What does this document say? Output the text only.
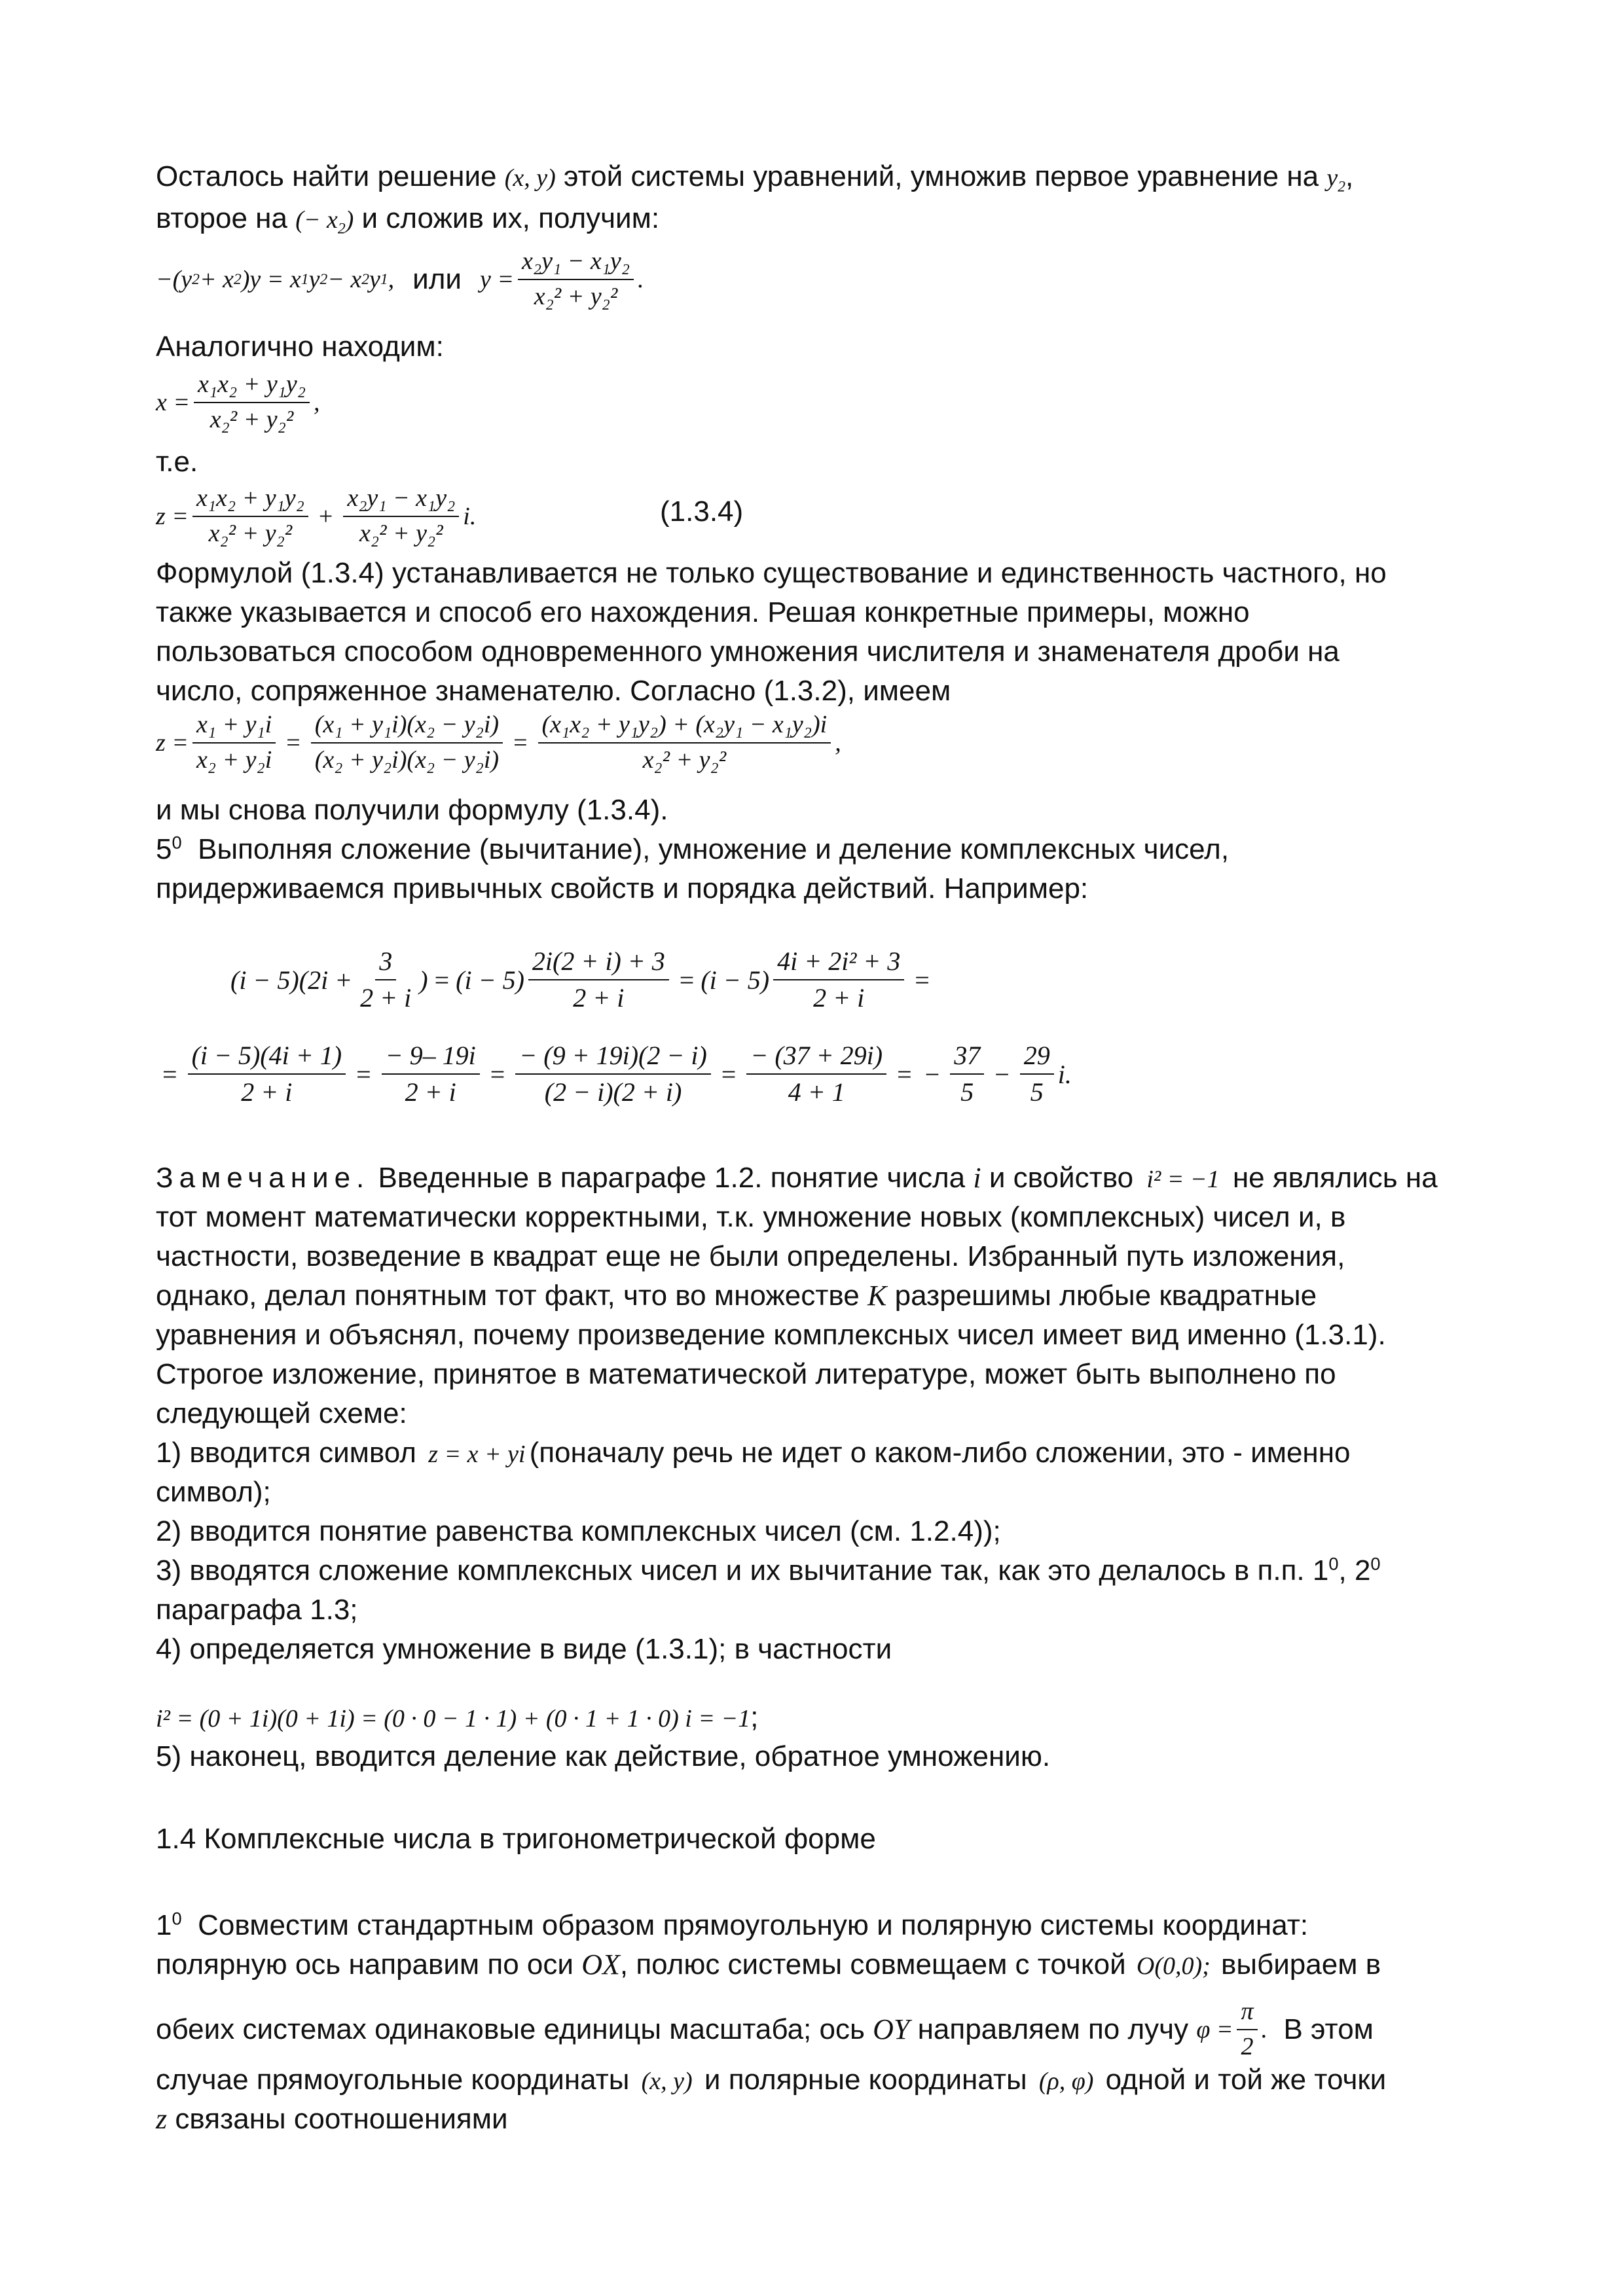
Осталось найти решение (x, y) этой системы уравнений, умножив первое уравнение на $y_2$,
второе на (− $x_2$) и сложив их, получим:
−(y 2 + x 2 )y = x 1 y 2 − x 2 y 1 , или $y = \frac{\text{x₂y₁ − x₁y₂}}{\text{x₂² + y₂²}}$ .
Аналогично находим:
$x = \frac{\text{x₁x₂ + y₁y₂}}{\text{x₂² + y₂²}}$ ,
т.е.
$z = \frac{\text{x₁x₂ + y₁y₂}}{\text{x₂² + y₂²}} + \frac{\text{x₂y₁ − x₁y₂}}{\text{x₂² + y₂²}} i$.	(1.3.4)
Формулой (1.3.4) устанавливается не только существование и единственность частного, но
также указывается и способ его нахождения. Решая конкретные примеры, можно
пользоваться способом одновременного умножения числителя и знаменателя дроби на
число, сопряженное знаменателю. Согласно (1.3.2), имеем
$z = \frac{\text{x₁ + y₁i}}{\text{x₂ + y₂i}} = \frac{\text{(x₁ + y₁i)(x₂ − y₂i)}}{\text{(x₂ + y₂i)(x₂ − y₂i)}} = \frac{\text{(x₁x₂ + y₁y₂) + (x₂y₁ − x₁y₂)i}}{\text{x₂² + y₂²}}$ ,
и мы снова получили формулу (1.3.4).
$5^0$ Выполняя сложение (вычитание), умножение и деление комплексных чисел,
придерживаемся привычных свойств и порядка действий. Например:
$(i - 5)(2i + \frac{3}{2 + i}$ ) = $(i - 5) \frac{2i(2 + i) + 3}{2 + i} = (i - 5) \frac{\text{4i + 2i² + 3}}{2 + i}$ =
= $\frac{(i - 5)(4i + 1)}{2 + i} = \frac{- 9- 19i}{2 + i} = \frac{- (9 + 19i)(2 - i)}{(2 - i)(2 + i)} = \frac{- (37 + 29i)}{4 + 1}$ = − $\frac{37}{5} - \frac{29}{5} i$.
Замечание. Введенные в параграфе 1.2. понятие числа i и свойство i² = −1 не являлись на
тот момент математически корректными, т.к. умножение новых (комплексных) чисел и, в
частности, возведение в квадрат еще не были определены. Избранный путь изложения,
однако, делал понятным тот факт, что во множестве K разрешимы любые квадратные
уравнения и объяснял, почему произведение комплексных чисел имеет вид именно (1.3.1).
Строгое изложение, принятое в математической литературе, может быть выполнено по
следующей схеме:
1) вводится символ z = x + yi (поначалу речь не идет о каком-либо сложении, это - именно
символ);
2) вводится понятие равенства комплексных чисел (см. 1.2.4));
3) вводятся сложение комплексных чисел и их вычитание так, как это делалось в п.п. $1^0$, $2^0$
параграфа 1.3;
4) определяется умножение в виде (1.3.1); в частности
i² = (0 + 1i)(0 + 1i) = (0 · 0 − 1 · 1) + (0 · 1 + 1 · 0) i = −1;
5) наконец, вводится деление как действие, обратное умножению.
1.4 Комплексные числа в тригонометрической форме
$1^0$ Совместим стандартным образом прямоугольную и полярную системы координат:
полярную ось направим по оси OX, полюс системы совмещаем с точкой O(0,0); выбираем в
обеих системах одинаковые единицы масштаба; ось
OY
направляем по лучу
$\varphi = \frac{\pi}{2}$ .
В этом
случае прямоугольные координаты (x, y) и полярные координаты (ρ, φ) одной и той же точки
z связаны соотношениями
